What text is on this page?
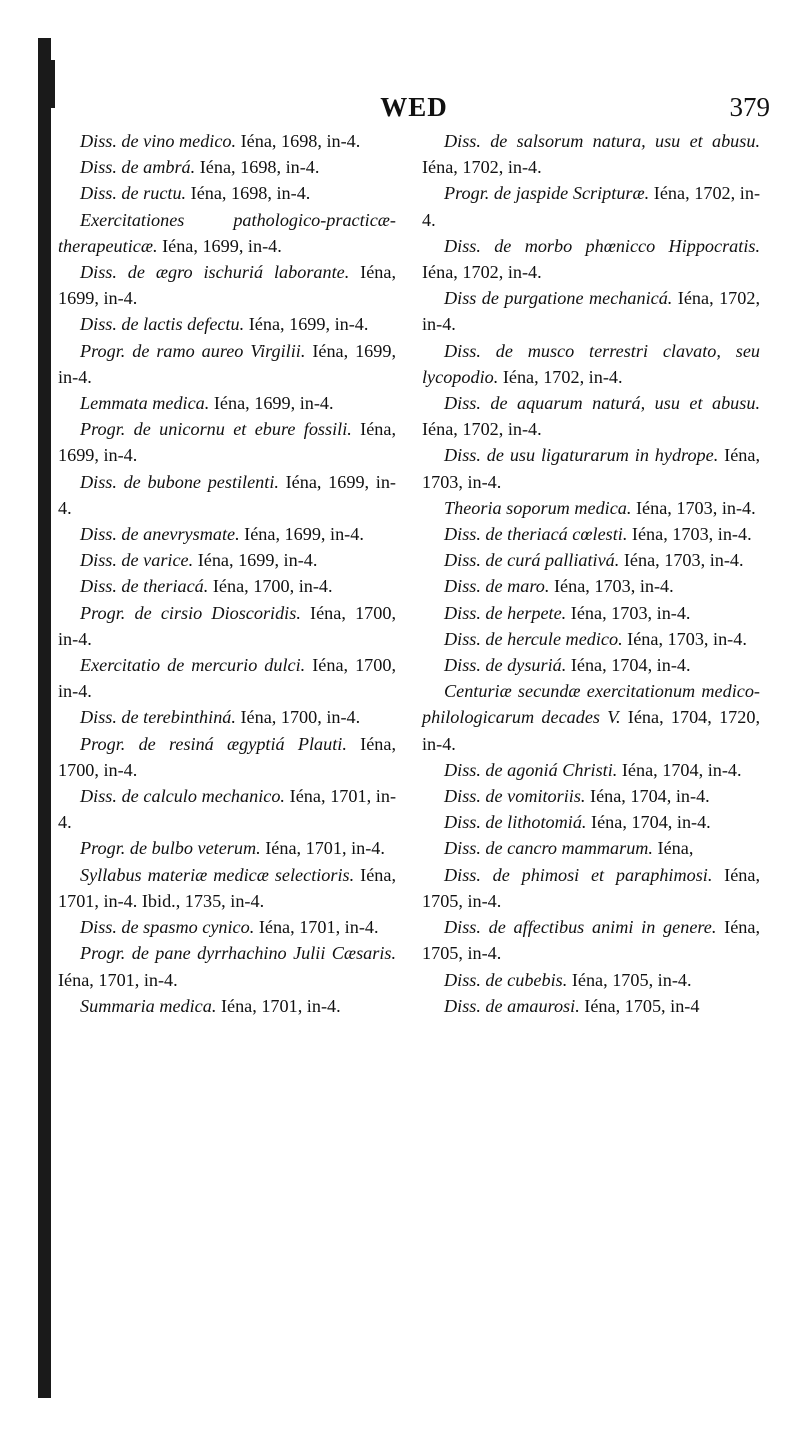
WED	379

Diss. de vino medico. Iéna, 1698, in-4.

Diss. de ambrá. Iéna, 1698, in-4.

Diss. de ructu. Iéna, 1698, in-4.

Exercitationes pathologico-practicæ-therapeuticæ. Iéna, 1699, in-4.

Diss. de ægro ischuriá laborante. Iéna, 1699, in-4.

Diss. de lactis defectu. Iéna, 1699, in-4.

Progr. de ramo aureo Virgilii. Iéna, 1699, in-4.

Lemmata medica. Iéna, 1699, in-4.

Progr. de unicornu et ebure fossili. Iéna, 1699, in-4.

Diss. de bubone pestilenti. Iéna, 1699, in-4.

Diss. de anevrysmate. Iéna, 1699, in-4.

Diss. de varice. Iéna, 1699, in-4.

Diss. de theriacá. Iéna, 1700, in-4.

Progr. de cirsio Dioscoridis. Iéna, 1700, in-4.

Exercitatio de mercurio dulci. Iéna, 1700, in-4.

Diss. de terebinthiná. Iéna, 1700, in-4.

Progr. de resiná ægyptiá Plauti. Iéna, 1700, in-4.

Diss. de calculo mechanico. Iéna, 1701, in-4.

Progr. de bulbo veterum. Iéna, 1701, in-4.

Syllabus materiæ medicæ selectioris. Iéna, 1701, in-4. Ibid., 1735, in-4.

Diss. de spasmo cynico. Iéna, 1701, in-4.

Progr. de pane dyrrhachino Julii Cæsaris. Iéna, 1701, in-4.

Summaria medica. Iéna, 1701, in-4.

Diss. de salsorum natura, usu et abusu. Iéna, 1702, in-4.

Progr. de jaspide Scripturæ. Iéna, 1702, in-4.

Diss. de morbo phœnicco Hippocratis. Iéna, 1702, in-4.

Diss de purgatione mechanicá. Iéna, 1702, in-4.

Diss. de musco terrestri clavato, seu lycopodio. Iéna, 1702, in-4.

Diss. de aquarum naturá, usu et abusu. Iéna, 1702, in-4.

Diss. de usu ligaturarum in hydrope. Iéna, 1703, in-4.

Theoria soporum medica. Iéna, 1703, in-4.

Diss. de theriacá cœlesti. Iéna, 1703, in-4.

Diss. de curá palliativá. Iéna, 1703, in-4.

Diss. de maro. Iéna, 1703, in-4.

Diss. de herpete. Iéna, 1703, in-4.

Diss. de hercule medico. Iéna, 1703, in-4.

Diss. de dysuriá. Iéna, 1704, in-4.

Centuriæ secundæ exercitationum medico-philologicarum decades V. Iéna, 1704, 1720, in-4.

Diss. de agoniá Christi. Iéna, 1704, in-4.

Diss. de vomitoriis. Iéna, 1704, in-4.

Diss. de lithotomiá. Iéna, 1704, in-4.

Diss. de cancro mammarum. Iéna,

Diss. de phimosi et paraphimosi. Iéna, 1705, in-4.

Diss. de affectibus animi in genere. Iéna, 1705, in-4.

Diss. de cubebis. Iéna, 1705, in-4.

Diss. de amaurosi. Iéna, 1705, in-4
